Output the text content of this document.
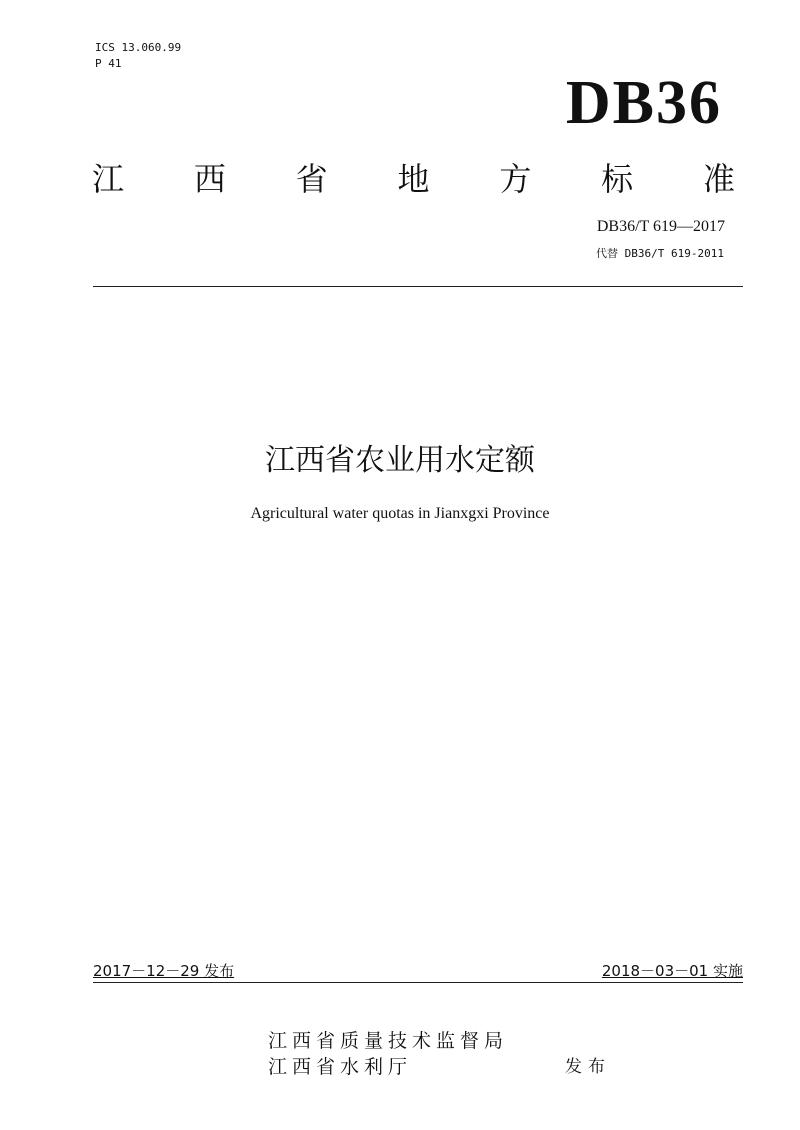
ICS 13.060.99
P 41
DB36
江 西 省 地 方 标 准
DB36/T 619—2017
代替 DB36/T 619-2011
江西省农业用水定额
Agricultural water quotas in Jianxgxi Province
2017－12－29 发布	2018－03－01 实施
江西省质量技术监督局
江西省水利厅	发布
